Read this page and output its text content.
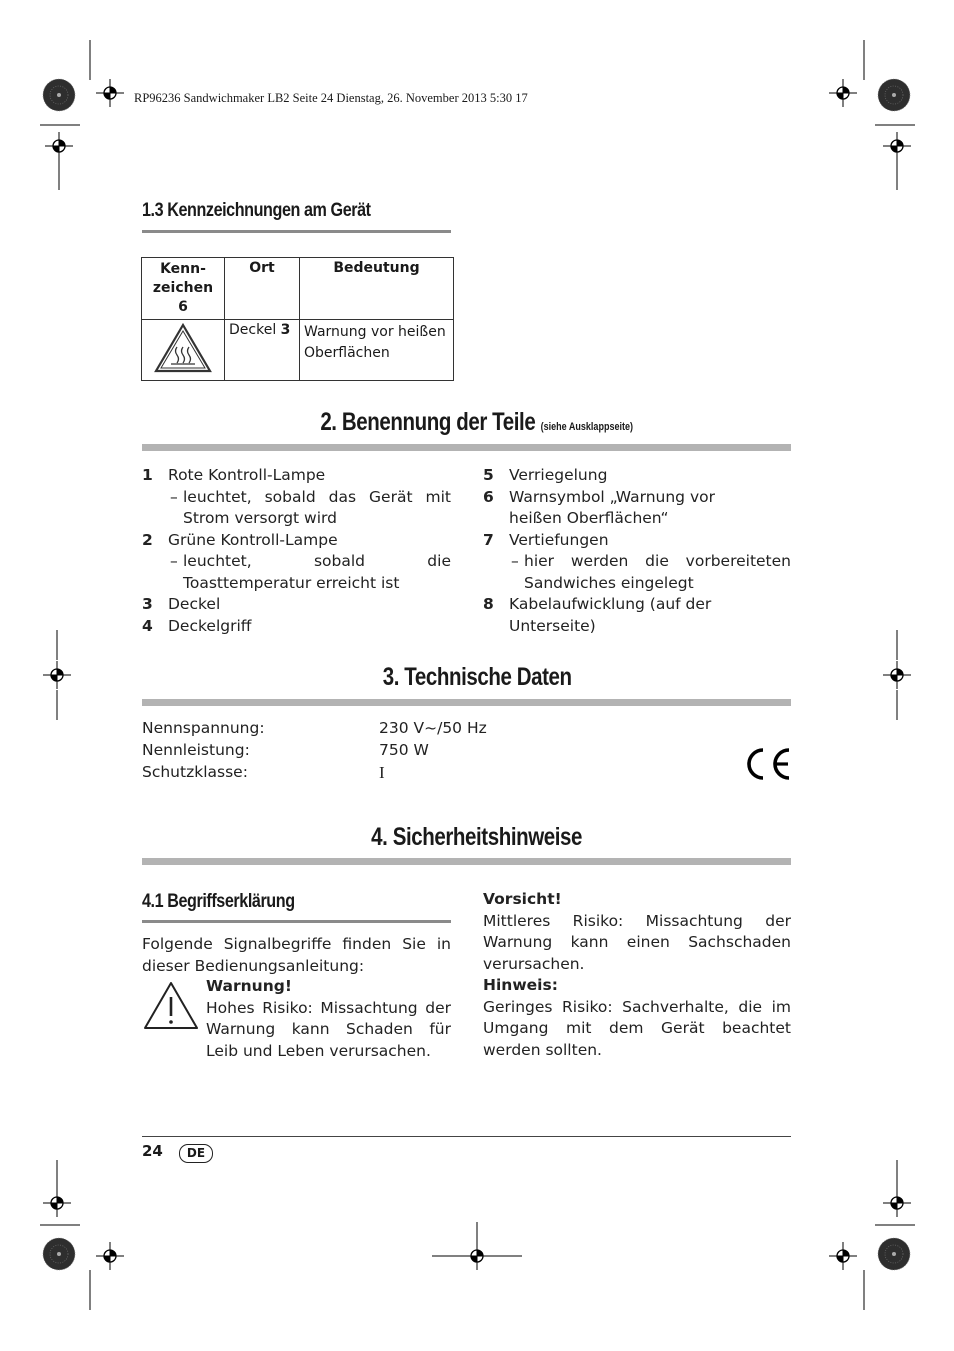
RP96236 Sandwichmaker LB2 Seite 24 Dienstag, 26. November 2013 5:30 17
1.3 Kennzeichnungen am Gerät
Kenn-
zeichen 6	Ort	Bedeutung
	Deckel 3	Warnung vor heißen Oberflächen
2. Benennung der Teile (siehe Ausklappseite)
1 Rote Kontroll-Lampe
– leuchtet, sobald das Gerät mit Strom versorgt wird
2 Grüne Kontroll-Lampe
– leuchtet, sobald die Toasttemperatur erreicht ist
3 Deckel
4 Deckelgriff
5 Verriegelung
6 Warnsymbol „Warnung vor heißen Oberflächen“
7 Vertiefungen
– hier werden die vorbereiteten Sandwiches eingelegt
8 Kabelaufwicklung (auf der Unterseite)
3. Technische Daten
Nennspannung:	230 V~/50 Hz
Nennleistung:	750 W
Schutzklasse:	I
4. Sicherheitshinweise
4.1 Begriffserklärung
Folgende Signalbegriffe finden Sie in dieser Bedienungsanleitung:
Warnung!
Hohes Risiko: Missachtung der Warnung kann Schaden für Leib und Leben verursachen.
Vorsicht!
Mittleres Risiko: Missachtung der Warnung kann einen Sachschaden verursachen.
Hinweis:
Geringes Risiko: Sachverhalte, die im Umgang mit dem Gerät beachtet werden sollten.
24	DE
